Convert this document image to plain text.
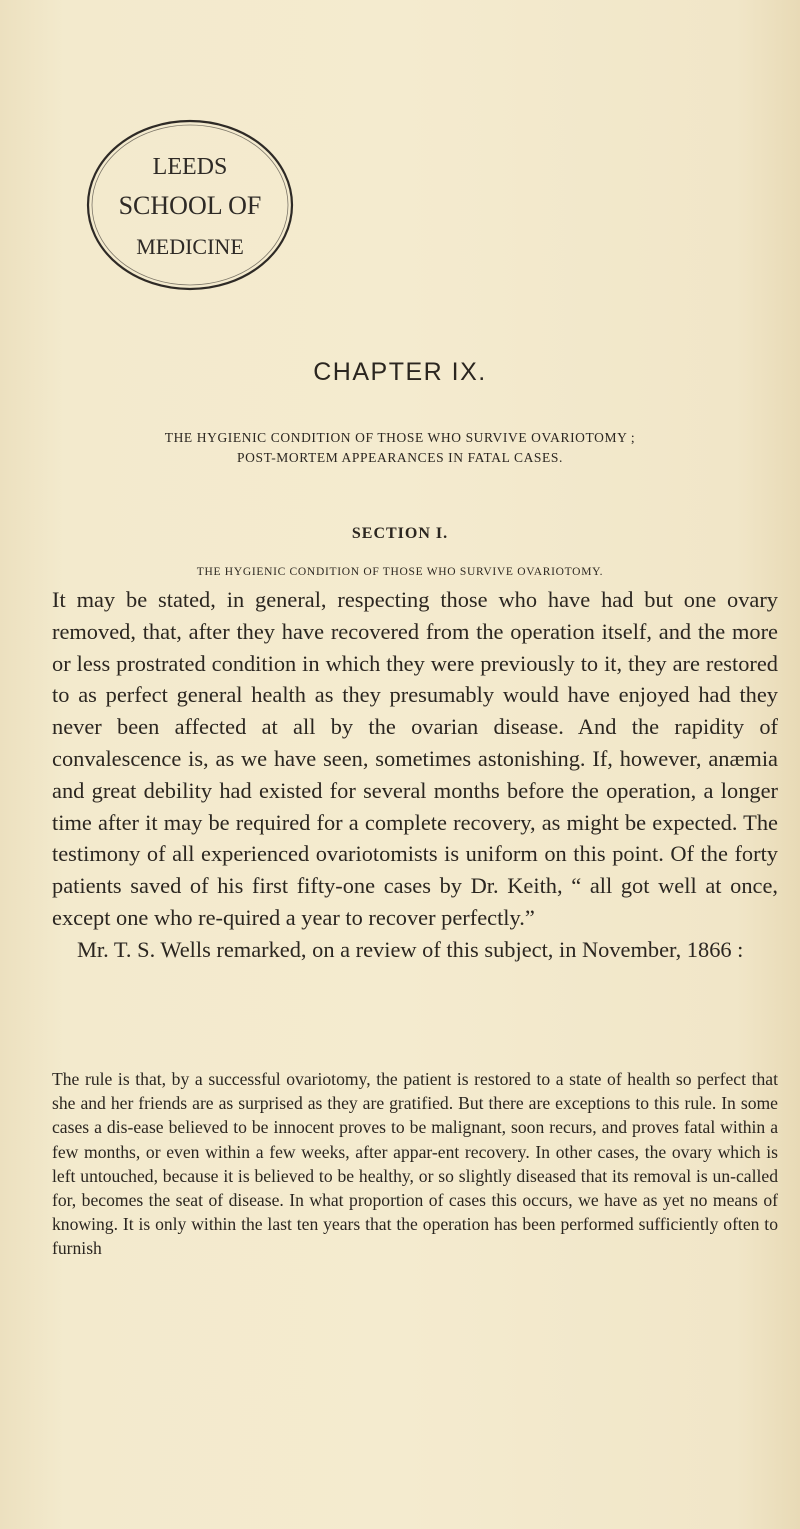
LEEDS
SCHOOL OF
MEDICINE
CHAPTER IX.
THE HYGIENIC CONDITION OF THOSE WHO SURVIVE OVARIOTOMY ;
POST-MORTEM APPEARANCES IN FATAL CASES.
SECTION I.
THE HYGIENIC CONDITION OF THOSE WHO SURVIVE OVARIOTOMY.

It may be stated, in general, respecting those who have had but one ovary removed, that, after they have recovered from the operation itself, and the more or less prostrated condition in which they were previously to it, they are restored to as perfect general health as they presumably would have enjoyed had they never been affected at all by the ovarian disease. And the rapidity of convalescence is, as we have seen, sometimes astonishing. If, however, anæmia and great debility had existed for several months before the operation, a longer time after it may be required for a complete recovery, as might be expected. The testimony of all experienced ovariotomists is uniform on this point. Of the forty patients saved of his first fifty-one cases by Dr. Keith, “ all got well at once, except one who re-quired a year to recover perfectly.”

Mr. T. S. Wells remarked, on a review of this subject, in November, 1866 :

The rule is that, by a successful ovariotomy, the patient is restored to a state of health so perfect that she and her friends are as surprised as they are gratified. But there are exceptions to this rule. In some cases a dis-ease believed to be innocent proves to be malignant, soon recurs, and proves fatal within a few months, or even within a few weeks, after appar-ent recovery. In other cases, the ovary which is left untouched, because it is believed to be healthy, or so slightly diseased that its removal is un-called for, becomes the seat of disease. In what proportion of cases this occurs, we have as yet no means of knowing. It is only within the last ten years that the operation has been performed sufficiently often to furnish
